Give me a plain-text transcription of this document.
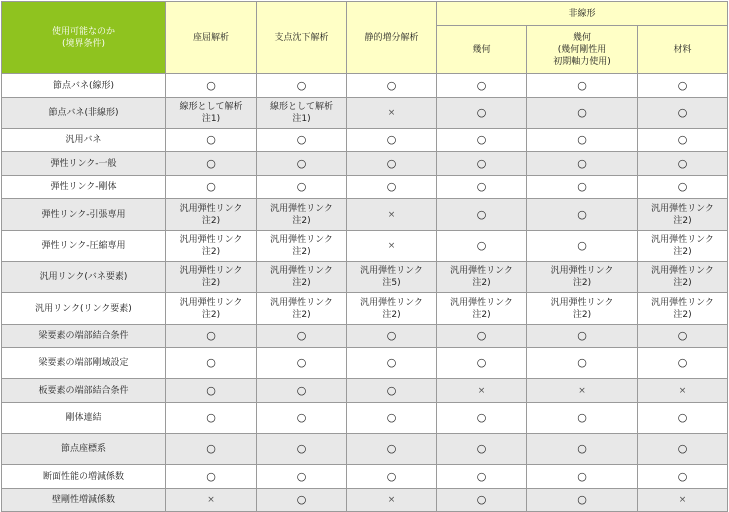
使用可能なのか
(境界条件)	座屈解析	支点沈下解析	静的増分解析	非線形		
				幾何	幾何
(幾何剛性用
初期軸力使用)	材料
節点バネ(線形)	○	○	○	○	○	○

節点バネ(非線形)	線形として解析
注1)	線形として解析
注1)	×	○	○	○

汎用バネ	○	○	○	○	○	○

弾性リンク-一般	○	○	○	○	○	○

弾性リンク-剛体	○	○	○	○	○	○

弾性リンク-引張専用	汎用弾性リンク
注2)	汎用弾性リンク
注2)	×	○	○	汎用弾性リンク
注2)

弾性リンク-圧縮専用	汎用弾性リンク
注2)	汎用弾性リンク
注2)	×	○	○	汎用弾性リンク
注2)

汎用リンク(バネ要素)	汎用弾性リンク
注2)	汎用弾性リンク
注2)	汎用弾性リンク
注5)	汎用弾性リンク
注2)	汎用弾性リンク
注2)	汎用弾性リンク
注2)

汎用リンク(リンク要素)	汎用弾性リンク
注2)	汎用弾性リンク
注2)	汎用弾性リンク
注2)	汎用弾性リンク
注2)	汎用弾性リンク
注2)	汎用弾性リンク
注2)

梁要素の端部結合条件	○	○	○	○	○	○

梁要素の端部剛域設定	○	○	○	○	○	○

板要素の端部結合条件	○	○	○	×	×	×

剛体連結	○	○	○	○	○	○

節点座標系	○	○	○	○	○	○

断面性能の増減係数	○	○	○	○	○	○

壁剛性増減係数	×	○	×	○	○	×
